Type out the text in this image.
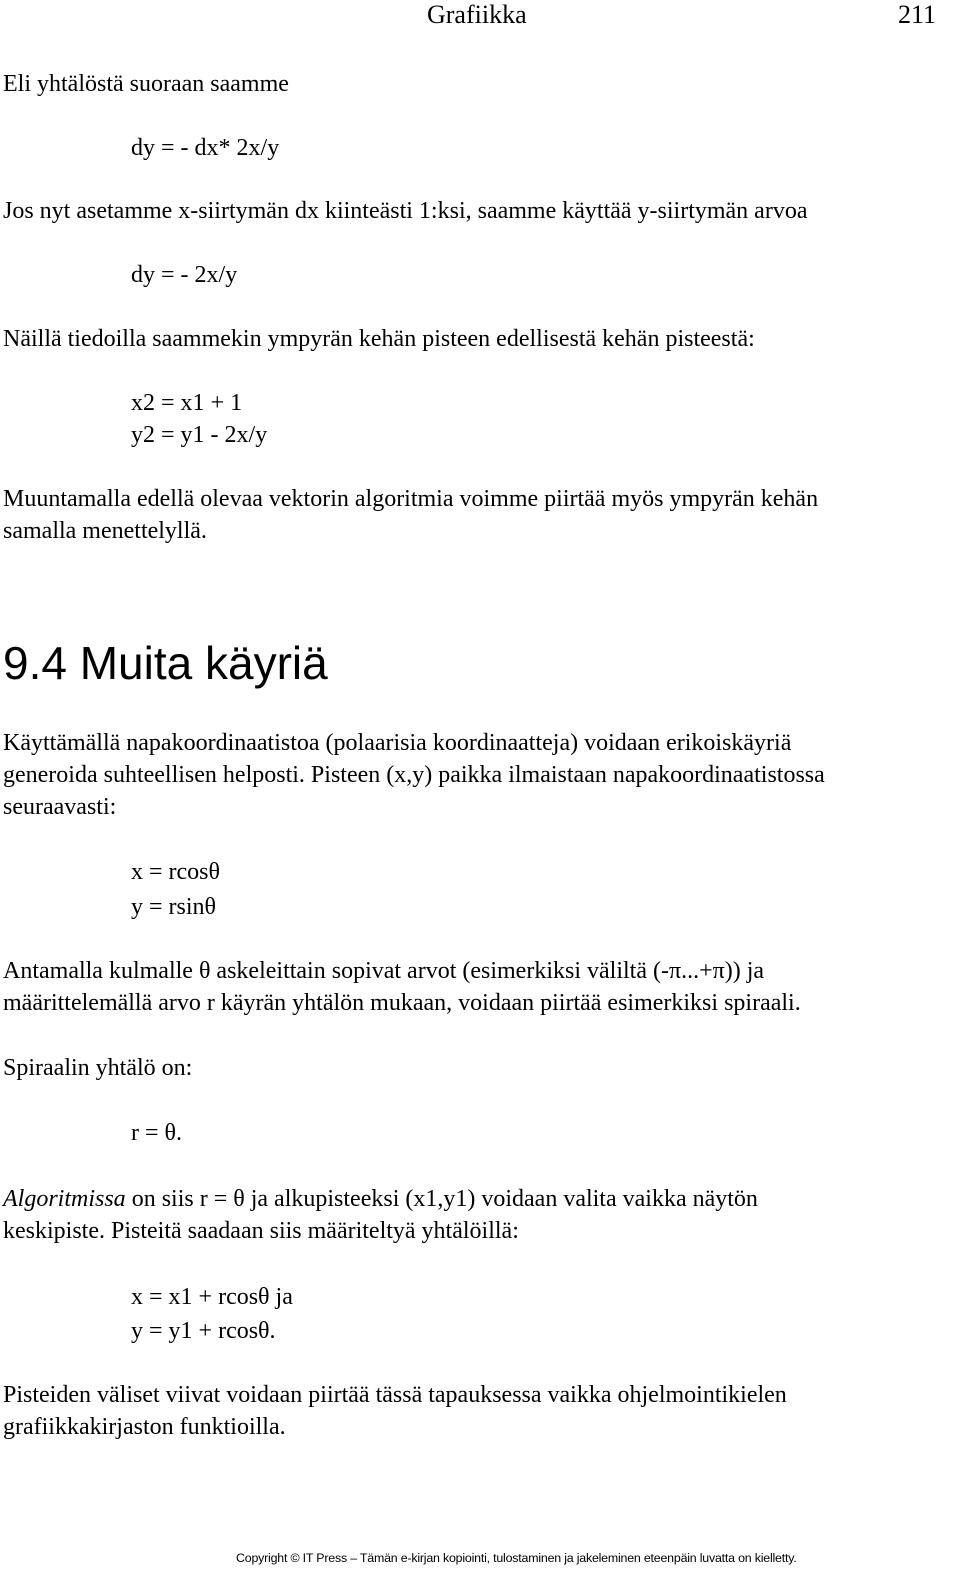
Grafiikka	211
Eli yhtälöstä suoraan saamme
dy = - dx* 2x/y
Jos nyt asetamme x-siirtymän dx kiinteästi 1:ksi, saamme käyttää y-siirtymän arvoa
dy = - 2x/y
Näillä tiedoilla saammekin ympyrän kehän pisteen edellisestä kehän pisteestä:
x2 = x1 + 1
y2 = y1 - 2x/y
Muuntamalla edellä olevaa vektorin algoritmia voimme piirtää myös ympyrän kehän
samalla menettelyllä.
9.4 Muita käyriä
Käyttämällä napakoordinaatistoa (polaarisia koordinaatteja) voidaan erikoiskäyriä
generoida suhteellisen helposti. Pisteen (x,y) paikka ilmaistaan napakoordinaatistossa
seuraavasti:
x = rcosθ
y = rsinθ
Antamalla kulmalle θ askeleittain sopivat arvot (esimerkiksi väliltä (-π...+π)) ja
määrittelemällä arvo r käyrän yhtälön mukaan, voidaan piirtää esimerkiksi spiraali.
Spiraalin yhtälö on:
r = θ.
Algoritmissa on siis r = θ ja alkupisteeksi (x1,y1) voidaan valita vaikka näytön
keskipiste. Pisteitä saadaan siis määriteltyä yhtälöillä:
x = x1 + rcosθ ja
y = y1 + rcosθ.
Pisteiden väliset viivat voidaan piirtää tässä tapauksessa vaikka ohjelmointikielen
grafiikkakirjaston funktioilla.
Copyright © IT Press – Tämän e-kirjan kopiointi, tulostaminen ja jakeleminen eteenpäin luvatta on kielletty.
